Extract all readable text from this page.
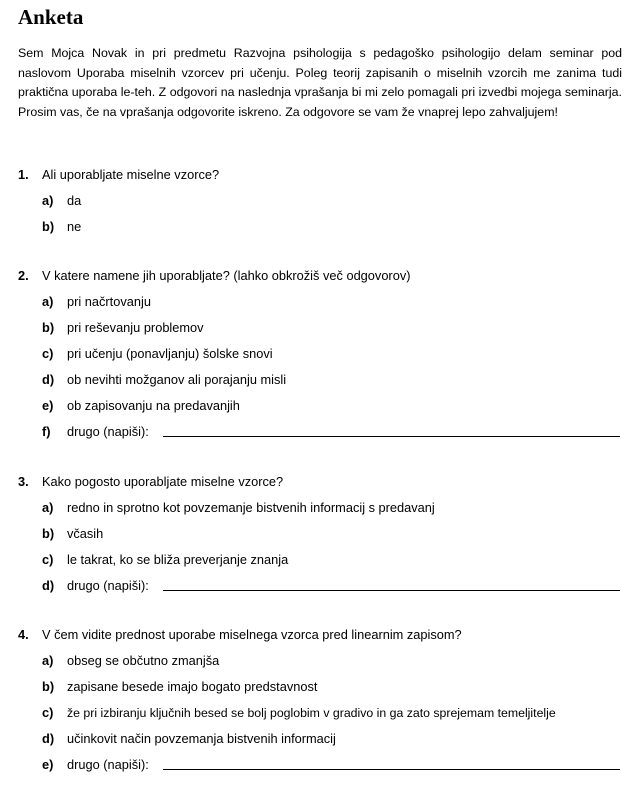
Anketa

Sem Mojca Novak in pri predmetu Razvojna psihologija s pedagoško psihologijo delam seminar pod naslovom Uporaba miselnih vzorcev pri učenju. Poleg teorij zapisanih o miselnih vzorcih me zanima tudi praktična uporaba le-teh. Z odgovori na naslednja vprašanja bi mi zelo pomagali pri izvedbi mojega seminarja. Prosim vas, če na vprašanja odgovorite iskreno. Za odgovore se vam že vnaprej lepo zahvaljujem!

1. Ali uporabljate miselne vzorce?
a) da
b) ne
2. V katere namene jih uporabljate? (lahko obkrožiš več odgovorov)
a) pri načrtovanju
b) pri reševanju problemov
c) pri učenju (ponavljanju) šolske snovi
d) ob nevihti možganov ali porajanju misli
e) ob zapisovanju na predavanjih
f) drugo (napiši):
3. Kako pogosto uporabljate miselne vzorce?
a) redno in sprotno kot povzemanje bistvenih informacij s predavanj
b) včasih
c) le takrat, ko se bliža preverjanje znanja
d) drugo (napiši):
4. V čem vidite prednost uporabe miselnega vzorca pred linearnim zapisom?
a) obseg se občutno zmanjša
b) zapisane besede imajo bogato predstavnost
c) že pri izbiranju ključnih besed se bolj poglobim v gradivo in ga zato sprejemam temeljitelje
d) učinkovit način povzemanja bistvenih informacij
e) drugo (napiši):
